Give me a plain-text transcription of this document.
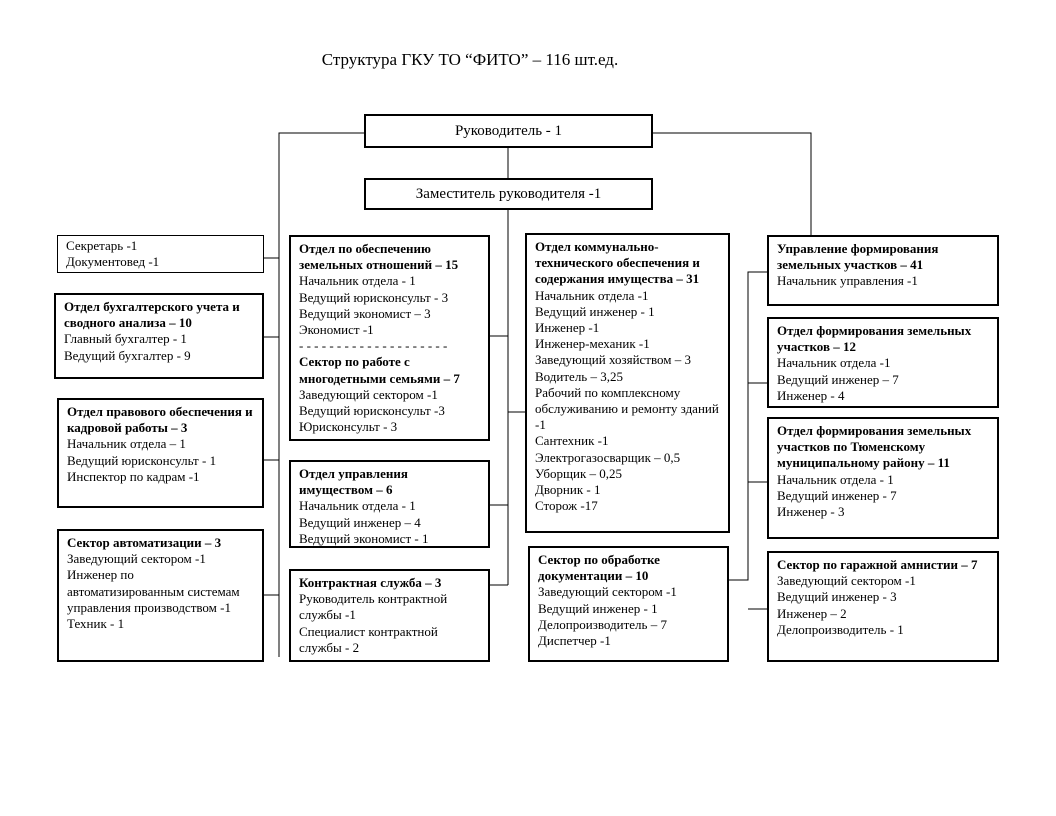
Структура ГКУ ТО “ФИТО” – 116 шт.ед.
Руководитель - 1
Заместитель руководителя -1
Секретарь -1
Документовед -1
Отдел бухгалтерского учета и сводного анализа – 10
Главный бухгалтер - 1
Ведущий бухгалтер - 9
Отдел правового обеспечения и кадровой работы – 3
Начальник отдела – 1
Ведущий юрисконсульт - 1
Инспектор по кадрам -1
Сектор автоматизации – 3
Заведующий сектором -1
Инженер по автоматизированным системам управления производством -1
Техник - 1
Отдел по обеспечению земельных отношений – 15
Начальник отдела - 1
Ведущий юрисконсульт - 3
Ведущий экономист – 3
Экономист -1
- - - - - - - - - - - - - - - - - - - -
Сектор по работе с многодетными семьями – 7
Заведующий сектором -1
Ведущий юрисконсульт -3
Юрисконсульт - 3
Отдел управления имуществом – 6
Начальник отдела - 1
Ведущий инженер – 4
Ведущий экономист - 1
Контрактная служба – 3
Руководитель контрактной службы -1
Специалист контрактной службы - 2
Отдел коммунально-технического обеспечения и содержания имущества – 31
Начальник отдела -1
Ведущий инженер - 1
Инженер -1
Инженер-механик -1
Заведующий хозяйством – 3
Водитель – 3,25
Рабочий по комплексному обслуживанию и ремонту зданий -1
Сантехник -1
Электрогазосварщик – 0,5
Уборщик – 0,25
Дворник - 1
Сторож -17
Сектор по обработке документации – 10
Заведующий сектором -1
Ведущий инженер - 1
Делопроизводитель – 7
Диспетчер -1
Управление формирования земельных участков – 41
Начальник управления -1
Отдел формирования земельных участков – 12
Начальник отдела -1
Ведущий инженер – 7
Инженер - 4
Отдел формирования земельных участков по Тюменскому муниципальному району – 11
Начальник отдела - 1
Ведущий инженер - 7
Инженер - 3
Сектор по гаражной амнистии – 7
Заведующий сектором -1
Ведущий инженер - 3
Инженер – 2
Делопроизводитель - 1
